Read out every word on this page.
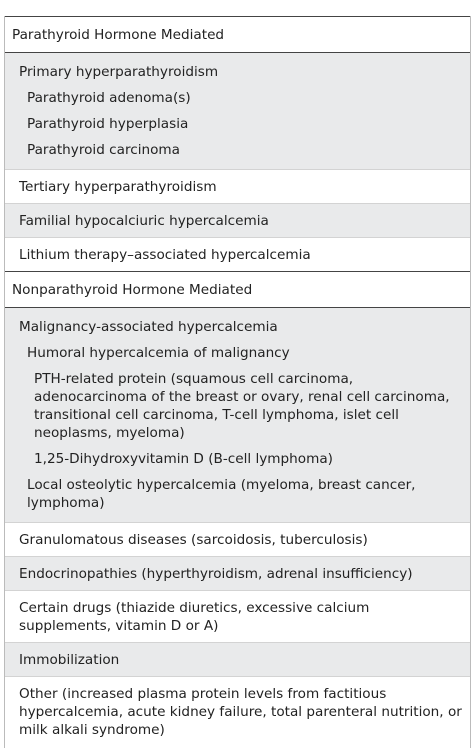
Parathyroid Hormone Mediated
Primary hyperparathyroidism
Parathyroid adenoma(s)
Parathyroid hyperplasia
Parathyroid carcinoma
Tertiary hyperparathyroidism
Familial hypocalciuric hypercalcemia
Lithium therapy–associated hypercalcemia
Nonparathyroid Hormone Mediated
Malignancy-associated hypercalcemia
Humoral hypercalcemia of malignancy
PTH-related protein (squamous cell carcinoma, adenocarcinoma of the breast or ovary, renal cell carcinoma, transitional cell carcinoma, T-cell lymphoma, islet cell neoplasms, myeloma)
1,25-Dihydroxyvitamin D (B-cell lymphoma)
Local osteolytic hypercalcemia (myeloma, breast cancer, lymphoma)
Granulomatous diseases (sarcoidosis, tuberculosis)
Endocrinopathies (hyperthyroidism, adrenal insufficiency)
Certain drugs (thiazide diuretics, excessive calcium supplements, vitamin D or A)
Immobilization
Other (increased plasma protein levels from factitious hypercalcemia, acute kidney failure, total parenteral nutrition, or milk alkali syndrome)
